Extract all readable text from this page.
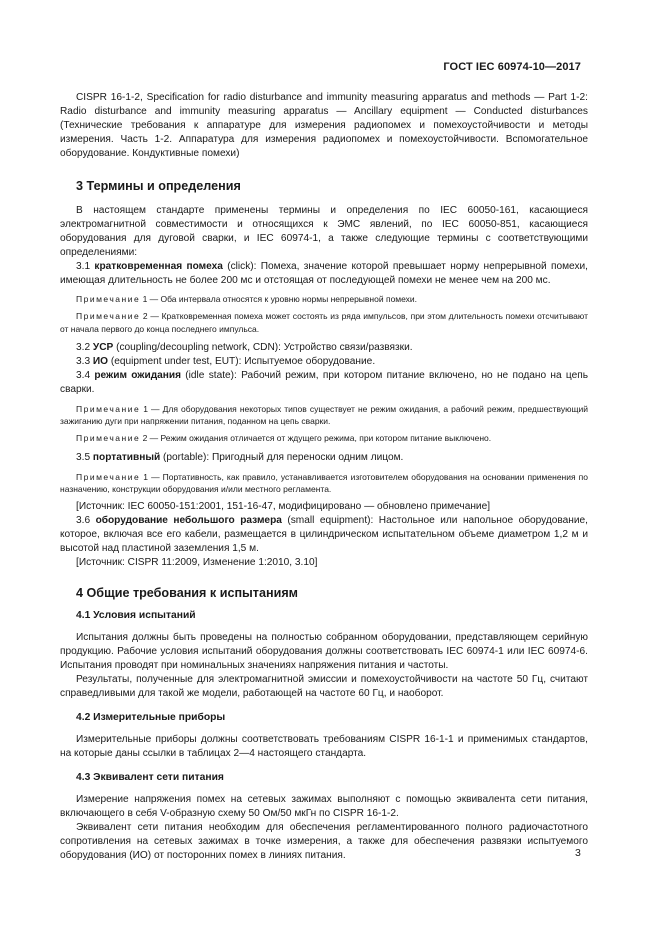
ГОСТ IEC 60974-10—2017

CISPR 16-1-2, Specification for radio disturbance and immunity measuring apparatus and methods — Part 1-2: Radio disturbance and immunity measuring apparatus — Ancillary equipment — Conducted disturbances (Технические требования к аппаратуре для измерения радиопомех и помехоустойчивости и методы измерения. Часть 1-2. Аппаратура для измерения радиопомех и помехоустойчивости. Вспомогательное оборудование. Кондуктивные помехи)

3 Термины и определения

В настоящем стандарте применены термины и определения по IEC 60050-161, касающиеся электромагнитной совместимости и относящихся к ЭМС явлений, по IEC 60050-851, касающиеся оборудования для дуговой сварки, и IEC 60974-1, а также следующие термины с соответствующими определениями:

3.1 кратковременная помеха (click): Помеха, значение которой превышает норму непрерывной помехи, имеющая длительность не более 200 мс и отстоящая от последующей помехи не менее чем на 200 мс.

Примечание 1 — Оба интервала относятся к уровню нормы непрерывной помехи.

Примечание 2 — Кратковременная помеха может состоять из ряда импульсов, при этом длительность помехи отсчитывают от начала первого до конца последнего импульса.

3.2 УСР (coupling/decoupling network, CDN): Устройство связи/развязки.

3.3 ИО (equipment under test, EUT): Испытуемое оборудование.

3.4 режим ожидания (idle state): Рабочий режим, при котором питание включено, но не подано на цепь сварки.

Примечание 1 — Для оборудования некоторых типов существует не режим ожидания, а рабочий режим, предшествующий зажиганию дуги при напряжении питания, поданном на цепь сварки.

Примечание 2 — Режим ожидания отличается от ждущего режима, при котором питание выключено.

3.5 портативный (portable): Пригодный для переноски одним лицом.

Примечание 1 — Портативность, как правило, устанавливается изготовителем оборудования на основании применения по назначению, конструкции оборудования и/или местного регламента.

[Источник: IEC 60050-151:2001, 151-16-47, модифицировано — обновлено примечание]

3.6 оборудование небольшого размера (small equipment): Настольное или напольное оборудование, которое, включая все его кабели, размещается в цилиндрическом испытательном объеме диаметром 1,2 м и высотой над пластиной заземления 1,5 м.

[Источник: CISPR 11:2009, Изменение 1:2010, 3.10]

4 Общие требования к испытаниям
4.1 Условия испытаний

Испытания должны быть проведены на полностью собранном оборудовании, представляющем серийную продукцию. Рабочие условия испытаний оборудования должны соответствовать IEC 60974-1 или IEC 60974-6. Испытания проводят при номинальных значениях напряжения питания и частоты.

Результаты, полученные для электромагнитной эмиссии и помехоустойчивости на частоте 50 Гц, считают справедливыми для такой же модели, работающей на частоте 60 Гц, и наоборот.

4.2 Измерительные приборы

Измерительные приборы должны соответствовать требованиям CISPR 16-1-1 и применимых стандартов, на которые даны ссылки в таблицах 2—4 настоящего стандарта.

4.3 Эквивалент сети питания

Измерение напряжения помех на сетевых зажимах выполняют с помощью эквивалента сети питания, включающего в себя V-образную схему 50 Ом/50 мкГн по CISPR 16-1-2.

Эквивалент сети питания необходим для обеспечения регламентированного полного радиочастотного сопротивления на сетевых зажимах в точке измерения, а также для обеспечения развязки испытуемого оборудования (ИО) от посторонних помех в линиях питания.	3
